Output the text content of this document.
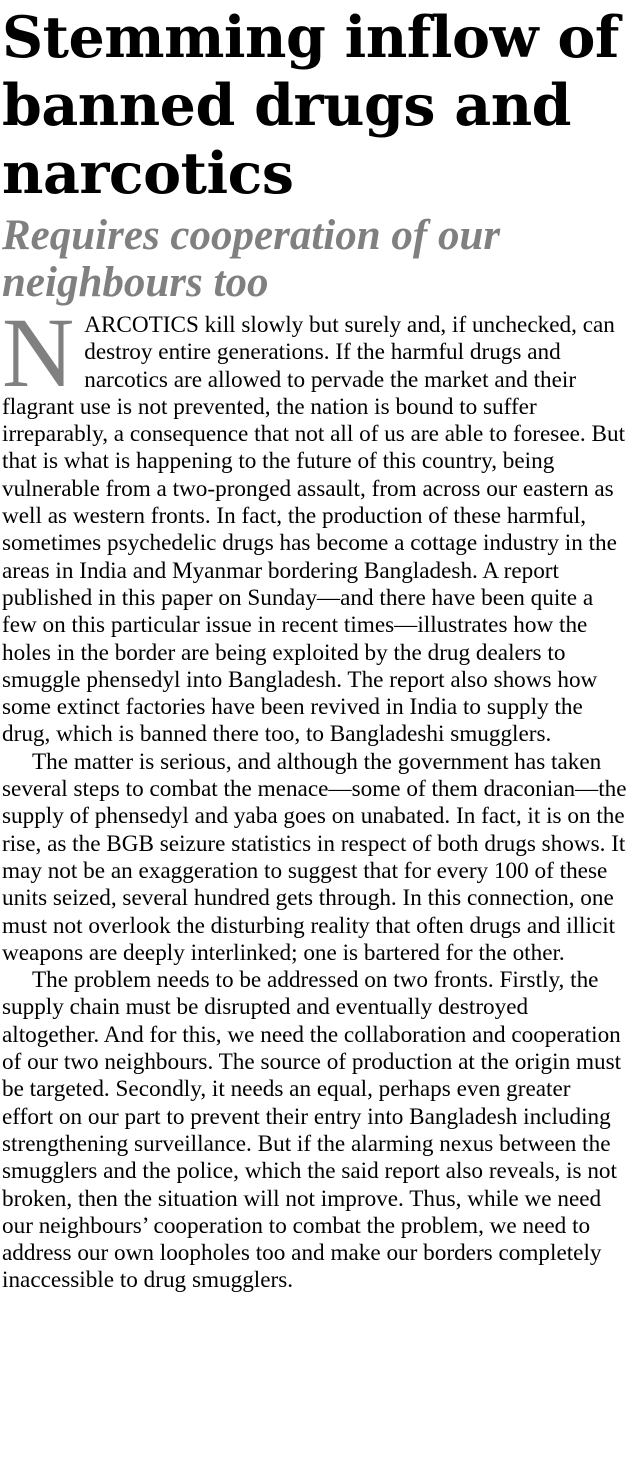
Stemming inflow of banned drugs and narcotics
Requires cooperation of our neighbours too

NARCOTICS kill slowly but surely and, if unchecked, can destroy entire generations. If the harmful drugs and narcotics are allowed to pervade the market and their flagrant use is not prevented, the nation is bound to suffer irreparably, a consequence that not all of us are able to foresee. But that is what is happening to the future of this country, being vulnerable from a two-pronged assault, from across our eastern as well as western fronts. In fact, the production of these harmful, sometimes psychedelic drugs has become a cottage industry in the areas in India and Myanmar bordering Bangladesh. A report published in this paper on Sunday—and there have been quite a few on this particular issue in recent times—illustrates how the holes in the border are being exploited by the drug dealers to smuggle phensedyl into Bangladesh. The report also shows how some extinct factories have been revived in India to supply the drug, which is banned there too, to Bangladeshi smugglers.

The matter is serious, and although the government has taken several steps to combat the menace—some of them draconian—the supply of phensedyl and yaba goes on unabated. In fact, it is on the rise, as the BGB seizure statistics in respect of both drugs shows. It may not be an exaggeration to suggest that for every 100 of these units seized, several hundred gets through. In this connection, one must not overlook the disturbing reality that often drugs and illicit weapons are deeply interlinked; one is bartered for the other.

The problem needs to be addressed on two fronts. Firstly, the supply chain must be disrupted and eventually destroyed altogether. And for this, we need the collaboration and cooperation of our two neighbours. The source of production at the origin must be targeted. Secondly, it needs an equal, perhaps even greater effort on our part to prevent their entry into Bangladesh including strengthening surveillance. But if the alarming nexus between the smugglers and the police, which the said report also reveals, is not broken, then the situation will not improve. Thus, while we need our neighbours’ cooperation to combat the problem, we need to address our own loopholes too and make our borders completely inaccessible to drug smugglers.
